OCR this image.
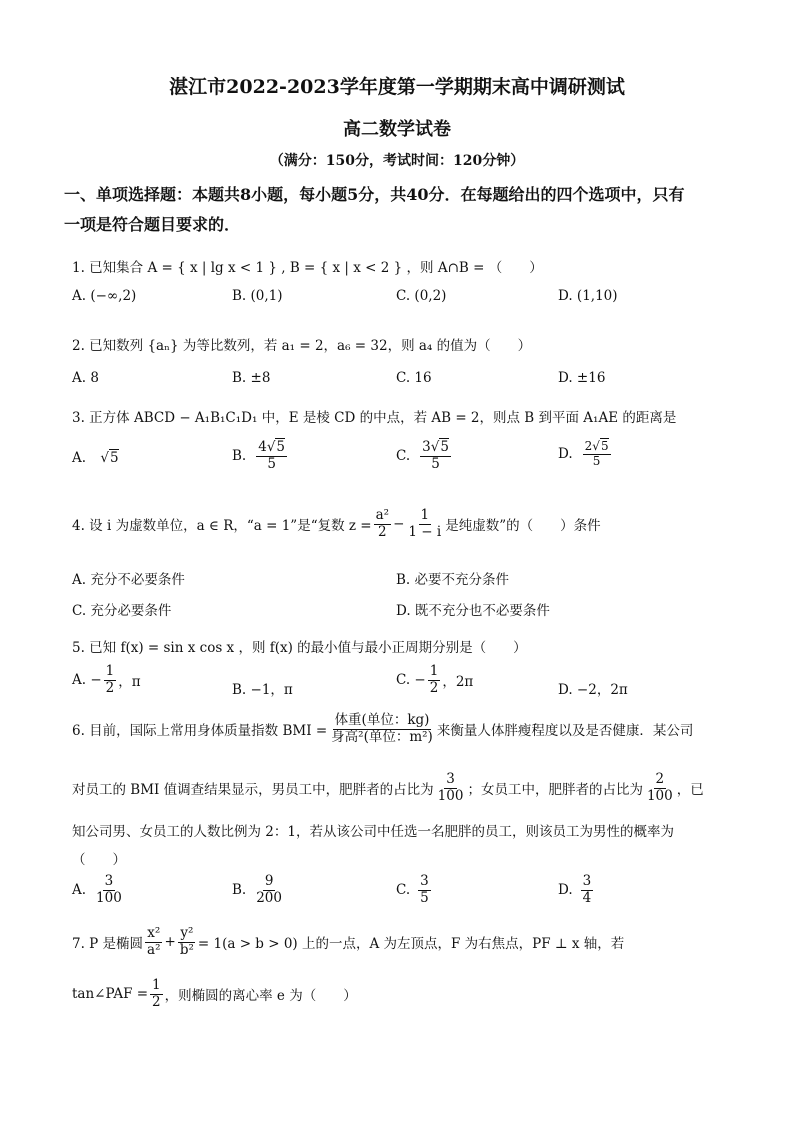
湛江市2022-2023学年度第一学期期末高中调研测试
高二数学试卷
（满分：150分，考试时间：120分钟）
一、单项选择题：本题共8小题，每小题5分，共40分．在每题给出的四个选项中，只有
一项是符合题目要求的．
1. 已知集合 A = { x | lg x < 1 } , B = { x | x < 2 } ，则 A∩B = （　　）
A. (−∞,2)	B. (0,1)	C. (0,2)	D. (1,10)
2. 已知数列 {aₙ} 为等比数列，若 a₁ = 2，a₆ = 32，则 a₄ 的值为（　　）
A. 8	B. ±8	C. 16	D. ±16
3. 正方体 ABCD − A₁B₁C₁D₁ 中，E 是棱 CD 的中点，若 AB = 2，则点 B 到平面 A₁AE 的距离是
A. √5	B. $\frac{4√5}{5}$	C. $\frac{3√5}{5}$	D. $\frac{2√5}{5}$
4. 设 i 为虚数单位，a ∈ R，“a = 1”是“复数 $z = \frac{\text{a²}}{2} - \frac{1}{1 - i}$ 是纯虚数”的（　　）条件
A. 充分不必要条件	B. 必要不充分条件
C. 充分必要条件	D. 既不充分也不必要条件
5. 已知 f(x) = sin x cos x ，则 f(x) 的最小值与最小正周期分别是（　　）
A. − $\frac{1}{2}$ ，π	B. −1，π
C. − $\frac{1}{2}$ ，2π	D. −2，2π
6. 目前，国际上常用身体质量指数 BMI = $\frac{\text{体重(单位：kg)}}{\text{身高²(单位：m²)}}$ 来衡量人体胖瘦程度以及是否健康．某公司
对员工的 BMI 值调查结果显示，男员工中，肥胖者的占比为 $\frac{3}{100}$ ；女员工中，肥胖者的占比为 $\frac{2}{100}$ ，已
知公司男、女员工的人数比例为 2：1，若从该公司中任选一名肥胖的员工，则该员工为男性的概率为
（　　）
A. $\frac{3}{100}$	B. $\frac{9}{200}$	C. $\frac{3}{5}$	D. $\frac{3}{4}$
7. P 是椭圆 $\frac{\text{x²}}{\text{a²}} + \frac{\text{y²}}{\text{b²}} = 1(a > b > 0)$ 上的一点，A 为左顶点，F 为右焦点，PF ⊥ x 轴，若
tan∠PAF = $\frac{1}{2}$ ，则椭圆的离心率 e 为（　　）
